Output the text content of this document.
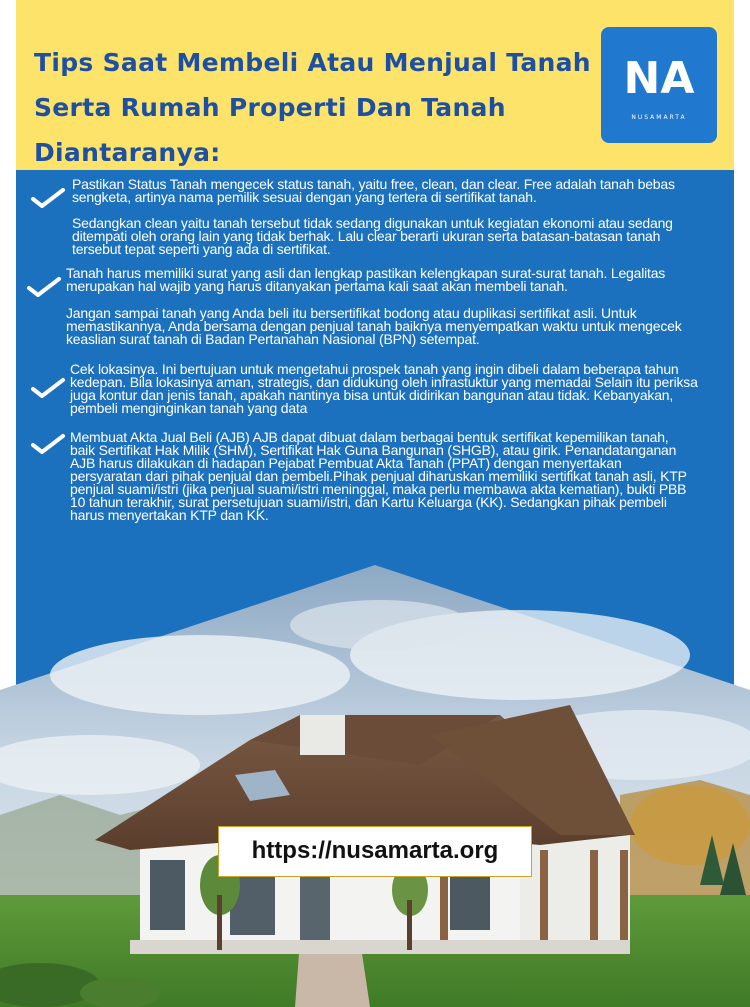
Tips Saat Membeli Atau Menjual Tanah Serta Rumah Properti Dan Tanah Diantaranya:
NA
NUSAMARTA

Pastikan Status Tanah mengecek status tanah, yaitu free, clean, dan clear. Free adalah tanah bebas sengketa, artinya nama pemilik sesuai dengan yang tertera di sertifikat tanah.

Sedangkan clean yaitu tanah tersebut tidak sedang digunakan untuk kegiatan ekonomi atau sedang ditempati oleh orang lain yang tidak berhak. Lalu clear berarti ukuran serta batasan-batasan tanah tersebut tepat seperti yang ada di sertifikat.

Tanah harus memiliki surat yang asli dan lengkap pastikan kelengkapan surat-surat tanah. Legalitas merupakan hal wajib yang harus ditanyakan pertama kali saat akan membeli tanah.

Jangan sampai tanah yang Anda beli itu bersertifikat bodong atau duplikasi sertifikat asli. Untuk memastikannya, Anda bersama dengan penjual tanah baiknya menyempatkan waktu untuk mengecek keaslian surat tanah di Badan Pertanahan Nasional (BPN) setempat.

Cek lokasinya. Ini bertujuan untuk mengetahui prospek tanah yang ingin dibeli dalam beberapa tahun kedepan. Bila lokasinya aman, strategis, dan didukung oleh infrastuktur yang memadai Selain itu periksa juga kontur dan jenis tanah, apakah nantinya bisa untuk didirikan bangunan atau tidak. Kebanyakan, pembeli menginginkan tanah yang data

Membuat Akta Jual Beli (AJB) AJB dapat dibuat dalam berbagai bentuk sertifikat kepemilikan tanah, baik Sertifikat Hak Milik (SHM), Sertifikat Hak Guna Bangunan (SHGB), atau girik. Penandatanganan AJB harus dilakukan di hadapan Pejabat Pembuat Akta Tanah (PPAT) dengan menyertakan persyaratan dari pihak penjual dan pembeli.Pihak penjual diharuskan memiliki sertifikat tanah asli, KTP penjual suami/istri (jika penjual suami/istri meninggal, maka perlu membawa akta kematian), bukti PBB 10 tahun terakhir, surat persetujuan suami/istri, dan Kartu Keluarga (KK). Sedangkan pihak pembeli harus menyertakan KTP dan KK.

https://nusamarta.org
